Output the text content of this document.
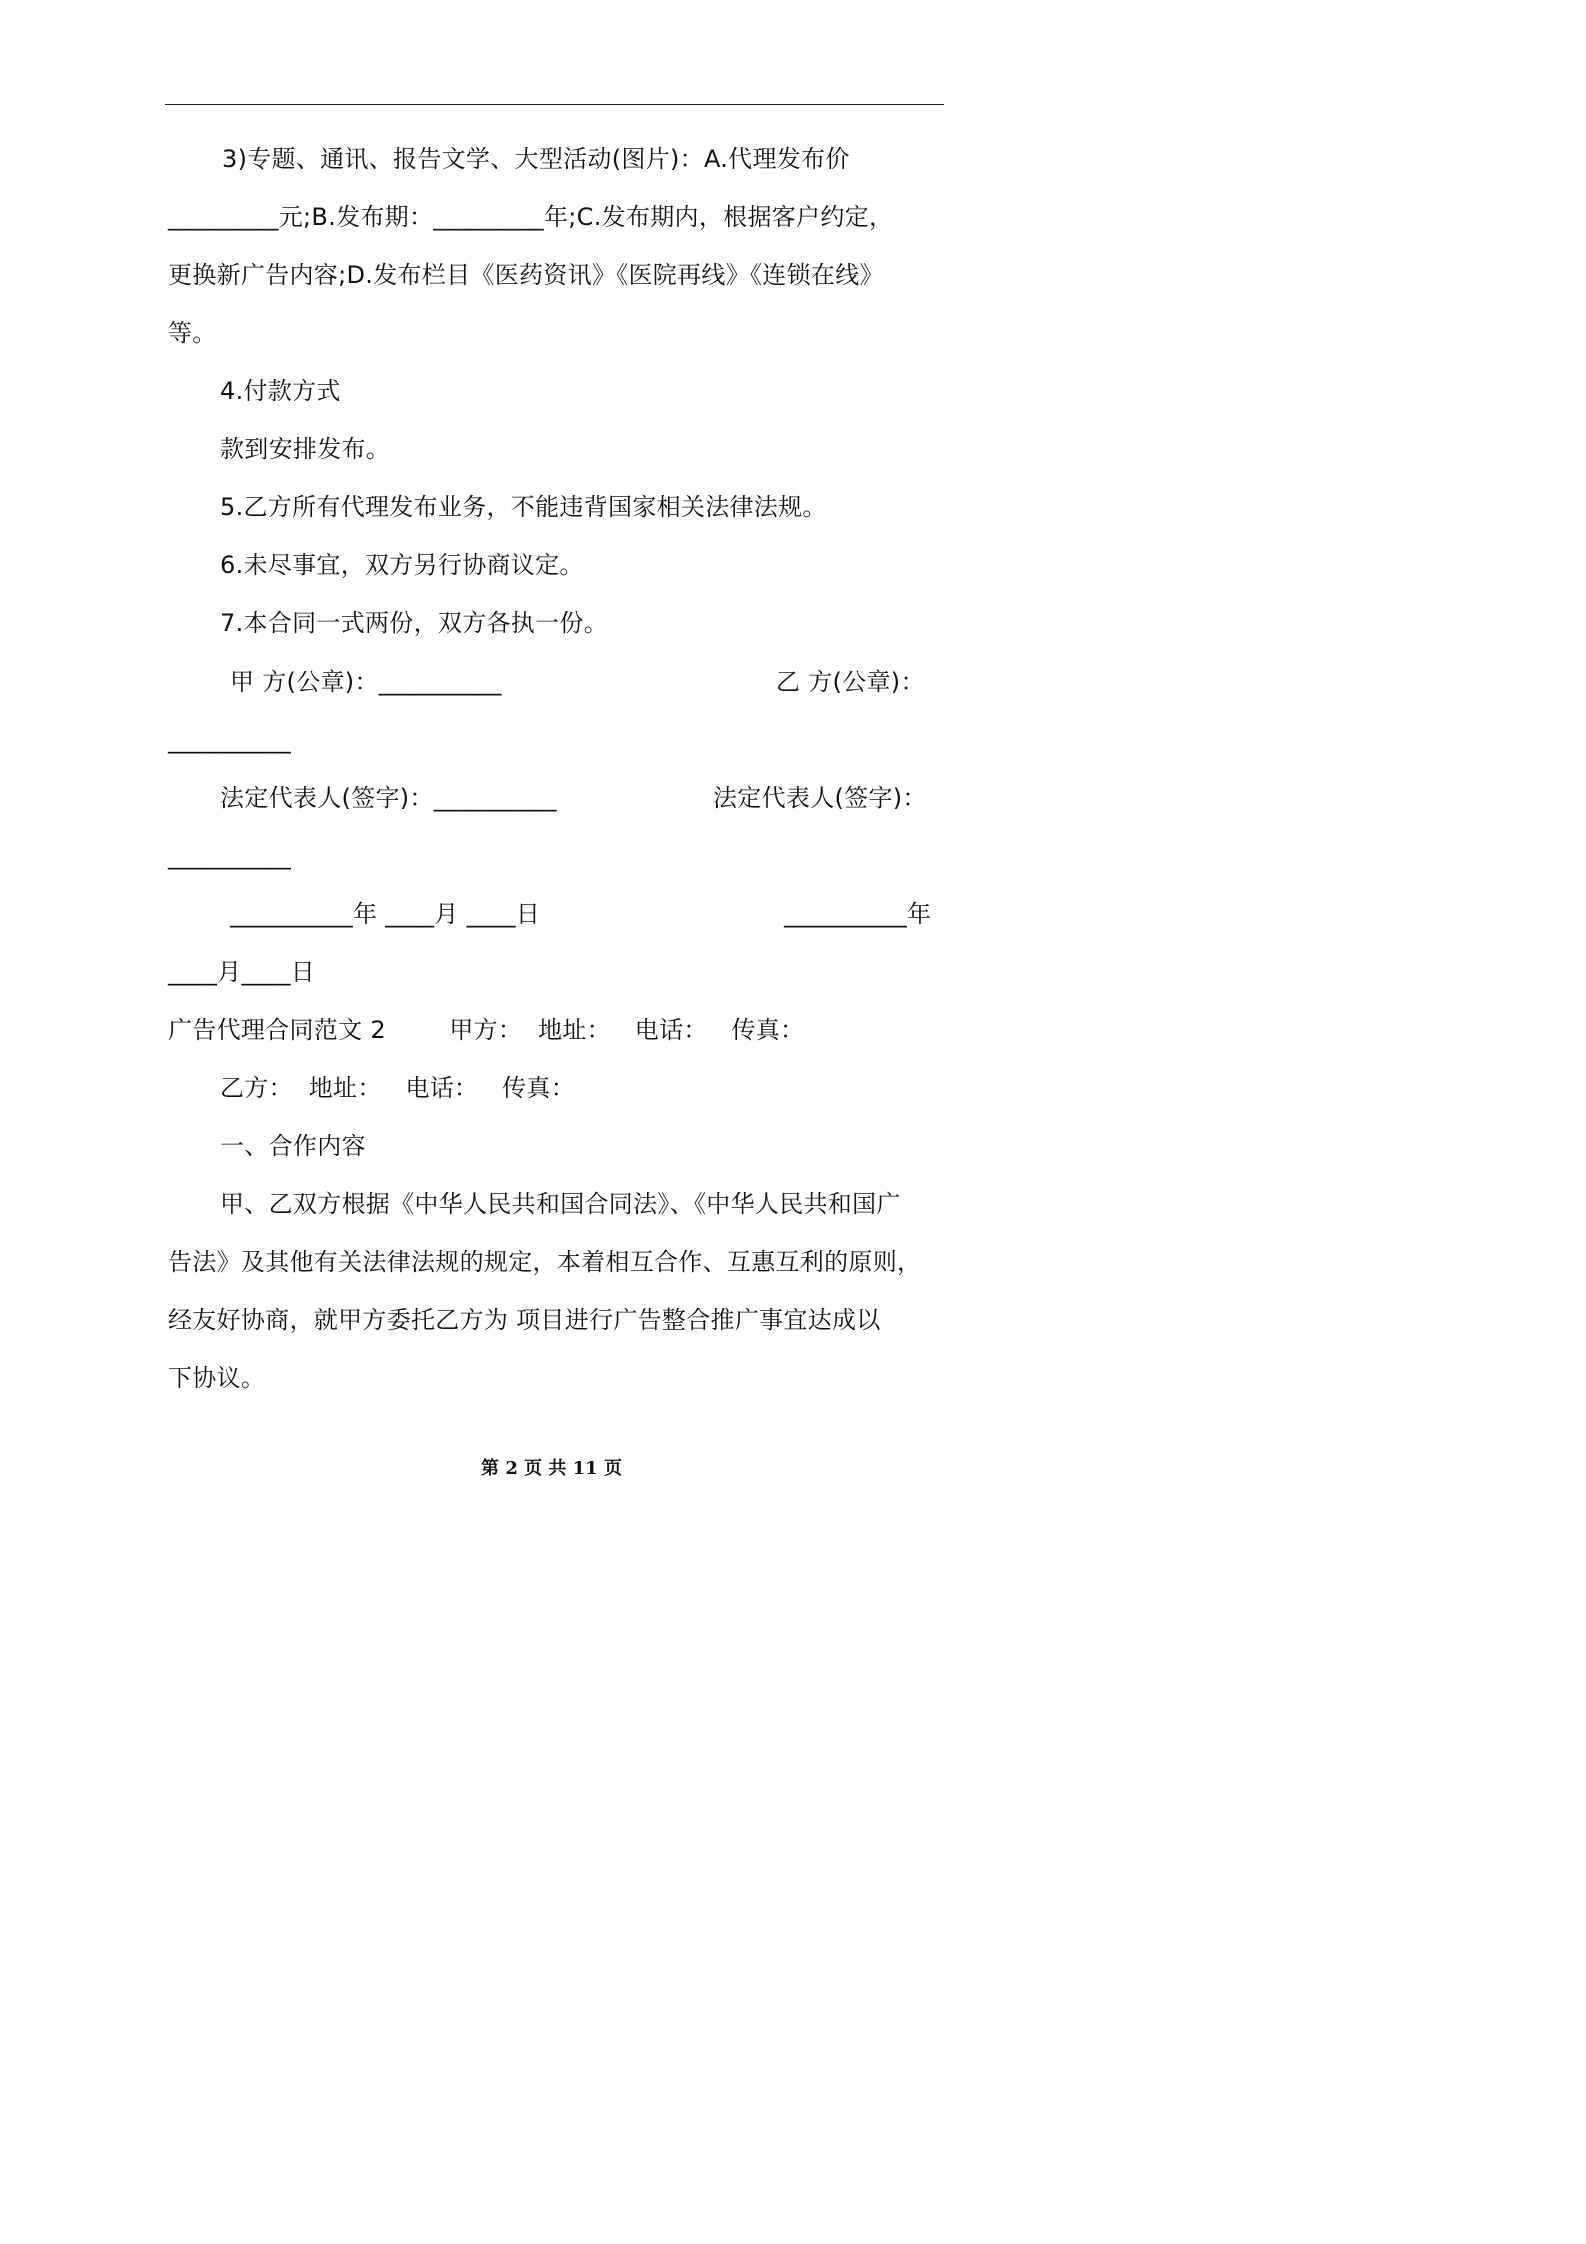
3)专题、通讯、报告文学、大型活动(图片)：A.代理发布价
_________元;B.发布期：_________年;C.发布期内，根据客户约定，
更换新广告内容;D.发布栏目《医药资讯》《医院再线》《连锁在线》
等。
4.付款方式
款到安排发布。
5.乙方所有代理发布业务，不能违背国家相关法律法规。
6.未尽事宜，双方另行协商议定。
7.本合同一式两份，双方各执一份。
甲 方(公章)：__________	乙 方(公章)：
__________
法定代表人(签字)：__________	法定代表人(签字)：
__________
__________年 ____月 ____日	__________年
____月____日
广告代理合同范文 2        甲方：  地址：   电话：   传真：
乙方：  地址：   电话：   传真：
一、合作内容
甲、乙双方根据《中华人民共和国合同法》、《中华人民共和国广
告法》及其他有关法律法规的规定，本着相互合作、互惠互利的原则，
经友好协商，就甲方委托乙方为 项目进行广告整合推广事宜达成以
下协议。
第 2 页 共 11 页
